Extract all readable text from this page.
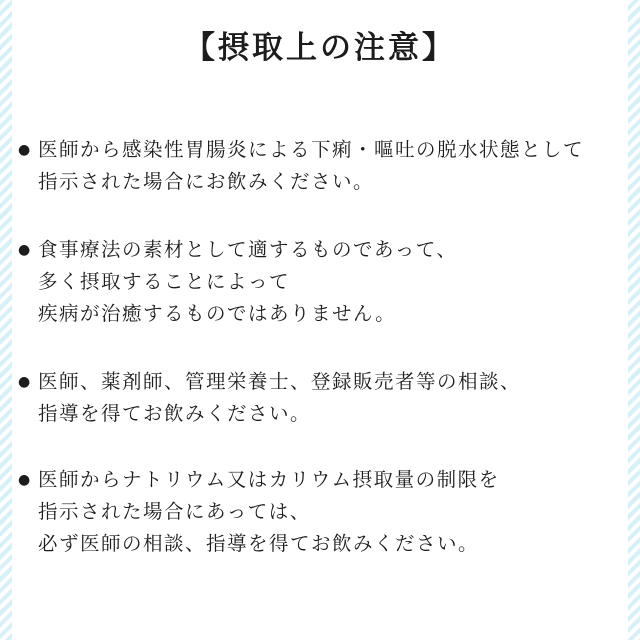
【摂取上の注意】
● 医師から感染性胃腸炎による下痢・嘔吐の脱水状態として
指示された場合にお飲みください。
● 食事療法の素材として適するものであって、
多く摂取することによって
疾病が治癒するものではありません。
● 医師、薬剤師、管理栄養士、登録販売者等の相談、
指導を得てお飲みください。
● 医師からナトリウム又はカリウム摂取量の制限を
指示された場合にあっては、
必ず医師の相談、指導を得てお飲みください。
